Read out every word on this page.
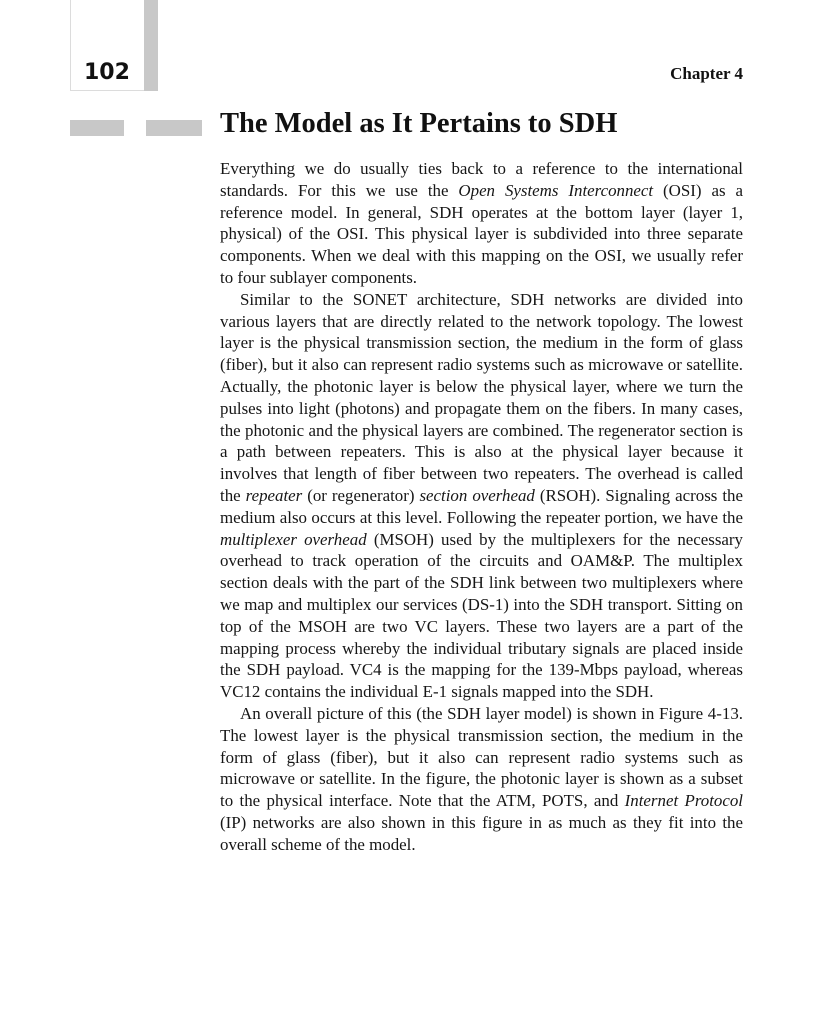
102	Chapter 4
The Model as It Pertains to SDH

Everything we do usually ties back to a reference to the international standards. For this we use the Open Systems Interconnect (OSI) as a reference model. In general, SDH operates at the bottom layer (layer 1, physical) of the OSI. This physical layer is subdivided into three separate components. When we deal with this mapping on the OSI, we usually refer to four sublayer components.

Similar to the SONET architecture, SDH networks are divided into various layers that are directly related to the network topology. The lowest layer is the physical transmission section, the medium in the form of glass (fiber), but it also can represent radio systems such as microwave or satellite. Actually, the photonic layer is below the physical layer, where we turn the pulses into light (photons) and propagate them on the fibers. In many cases, the photonic and the physical layers are combined. The regenerator section is a path between repeaters. This is also at the physical layer because it involves that length of fiber between two repeaters. The overhead is called the repeater (or regenerator) section overhead (RSOH). Signaling across the medium also occurs at this level. Following the repeater portion, we have the multiplexer overhead (MSOH) used by the multiplexers for the necessary overhead to track operation of the circuits and OAM&P. The multiplex section deals with the part of the SDH link between two multiplexers where we map and multiplex our services (DS-1) into the SDH transport. Sitting on top of the MSOH are two VC layers. These two layers are a part of the mapping process whereby the individual tributary signals are placed inside the SDH payload. VC4 is the mapping for the 139-Mbps payload, whereas VC12 contains the individual E-1 signals mapped into the SDH.

An overall picture of this (the SDH layer model) is shown in Figure 4-13. The lowest layer is the physical transmission section, the medium in the form of glass (fiber), but it also can represent radio systems such as microwave or satellite. In the figure, the photonic layer is shown as a subset to the physical interface. Note that the ATM, POTS, and Internet Protocol (IP) networks are also shown in this figure in as much as they fit into the overall scheme of the model.
